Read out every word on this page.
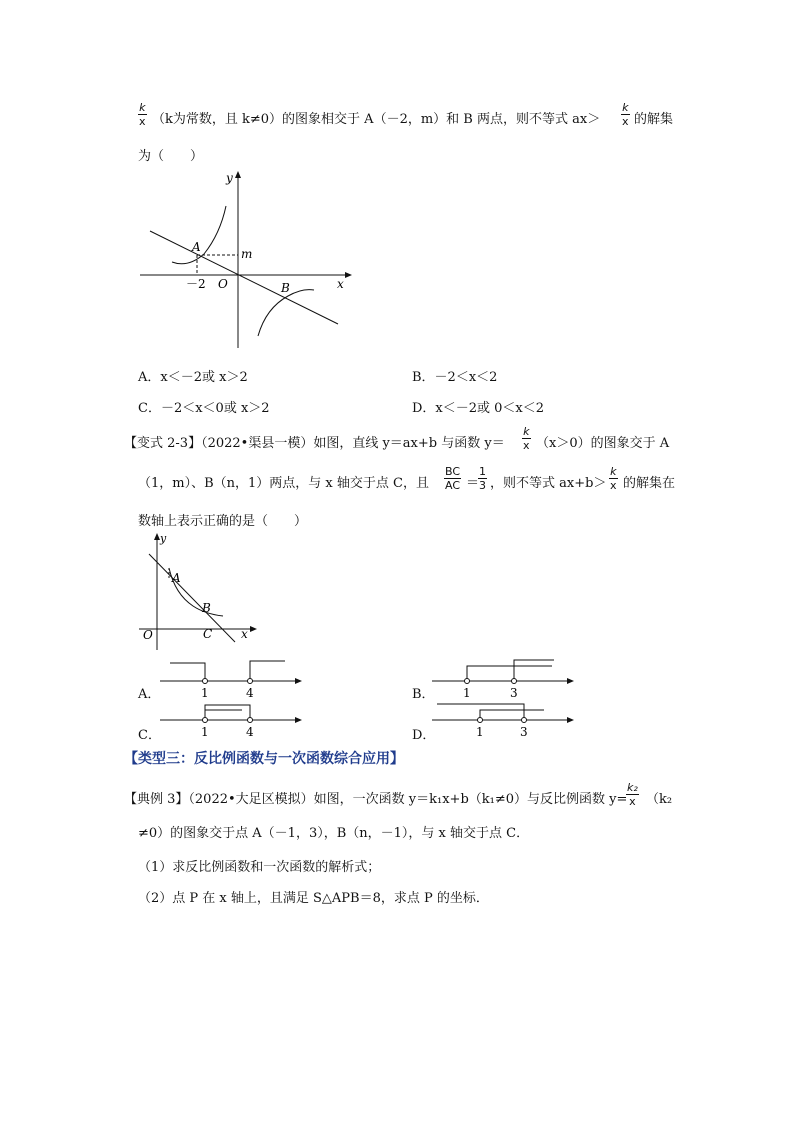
$\frac{k}{x} (k$为常数，且 k≠0）的图象相交于 A（－2，m）和 B 两点，则不等式 $ax> \frac{k}{x}$ 的解集
为（　　）
y
x
O
A
B
m
－2
A．x＜－2或 x＞2	B．－2＜x＜2
C．－2＜x＜0或 x＞2	D．x＜－2或 0＜x＜2
【变式 2-3】（2022•渠县一模）如图，直线 y＝ax+b 与函数 $y= \frac{k}{x} (x>0)$的图象交于 A
（1，m）、B（n，1）两点，与 x 轴交于点 C，且 $\frac{BC}{AC}$ ＝
$\frac{1}{3}$ ，则不等式 $ax+b> \frac{k}{x}$ 的解集在
数轴上表示正确的是（　　）
y
x
O
A
B
C
A．	1	4	B． 1	3
C．	1	4	D．	1	3
【类型三：反比例函数与一次函数综合应用】
【典例 3】（2022•大足区模拟）如图，一次函数 y＝k₁x+b（k₁≠0）与反比例函数 y=
$\frac{\text{k₂}}{x} (k_2$
≠0）的图象交于点 A（－1，3），B（n，－1），与 x 轴交于点 C．
（1）求反比例函数和一次函数的解析式；
（2）点 P 在 x 轴上，且满足 S△APB＝8，求点 P 的坐标．
